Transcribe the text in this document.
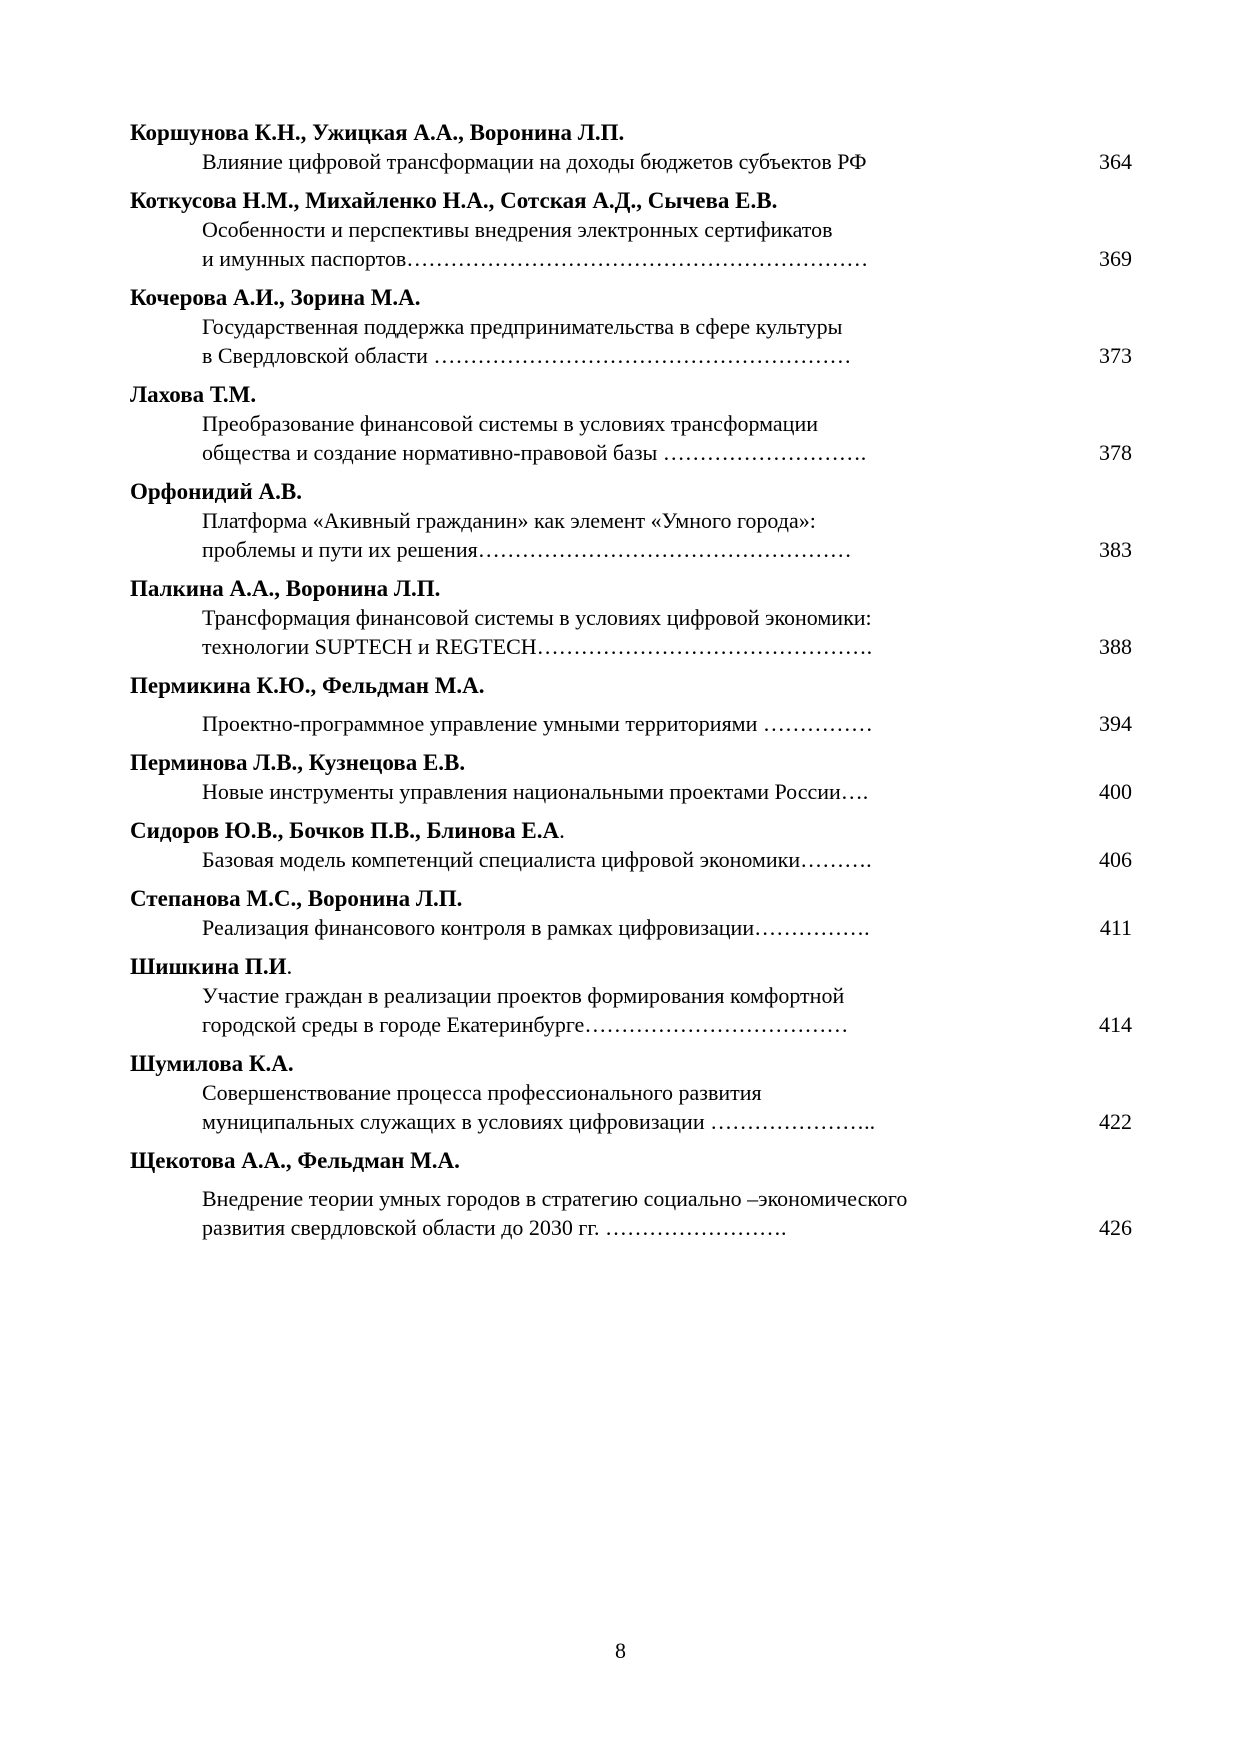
Коршунова К.Н., Ужицкая А.А., Воронина Л.П.

Влияние цифровой трансформации на доходы бюджетов субъектов РФ	364

Коткусова Н.М., Михайленко Н.А., Сотская А.Д., Сычева Е.В.

Особенности и перспективы внедрения электронных сертификатов
и имунных паспортов………………………………………………………	369

Кочерова А.И., Зорина М.А.

Государственная поддержка предпринимательства в сфере культуры
в Свердловской области …………………………………………………	373

Лахова Т.М.

Преобразование финансовой системы в условиях трансформации
общества и создание нормативно-правовой базы ……………………….	378

Орфонидий А.В.

Платформа «Акивный гражданин» как элемент «Умного города»:
проблемы и пути их решения……………………………………………	383

Палкина А.А., Воронина Л.П.

Трансформация финансовой системы в условиях цифровой экономики:
технологии SUPTECH и REGTECH……………………………………….	388

Пермикина К.Ю., Фельдман М.А.

Проектно-программное управление умными территориями ……………	394

Перминова Л.В., Кузнецова Е.В.

Новые инструменты управления национальными проектами России….	400

Сидоров Ю.В., Бочков П.В., Блинова Е.А.

Базовая модель компетенций специалиста цифровой экономики……….	406

Степанова М.С., Воронина Л.П.

Реализация финансового контроля в рамках цифровизации…………….	411

Шишкина П.И.

Участие граждан в реализации проектов формирования комфортной
городской среды в городе Екатеринбурге………………………………	414

Шумилова К.А.

Совершенствование процесса профессионального развития
муниципальных служащих в условиях цифровизации …………………..	422

Щекотова А.А., Фельдман М.А.

Внедрение теории умных городов в стратегию социально –экономического
развития свердловской области до 2030 гг. …………………….	426
8
